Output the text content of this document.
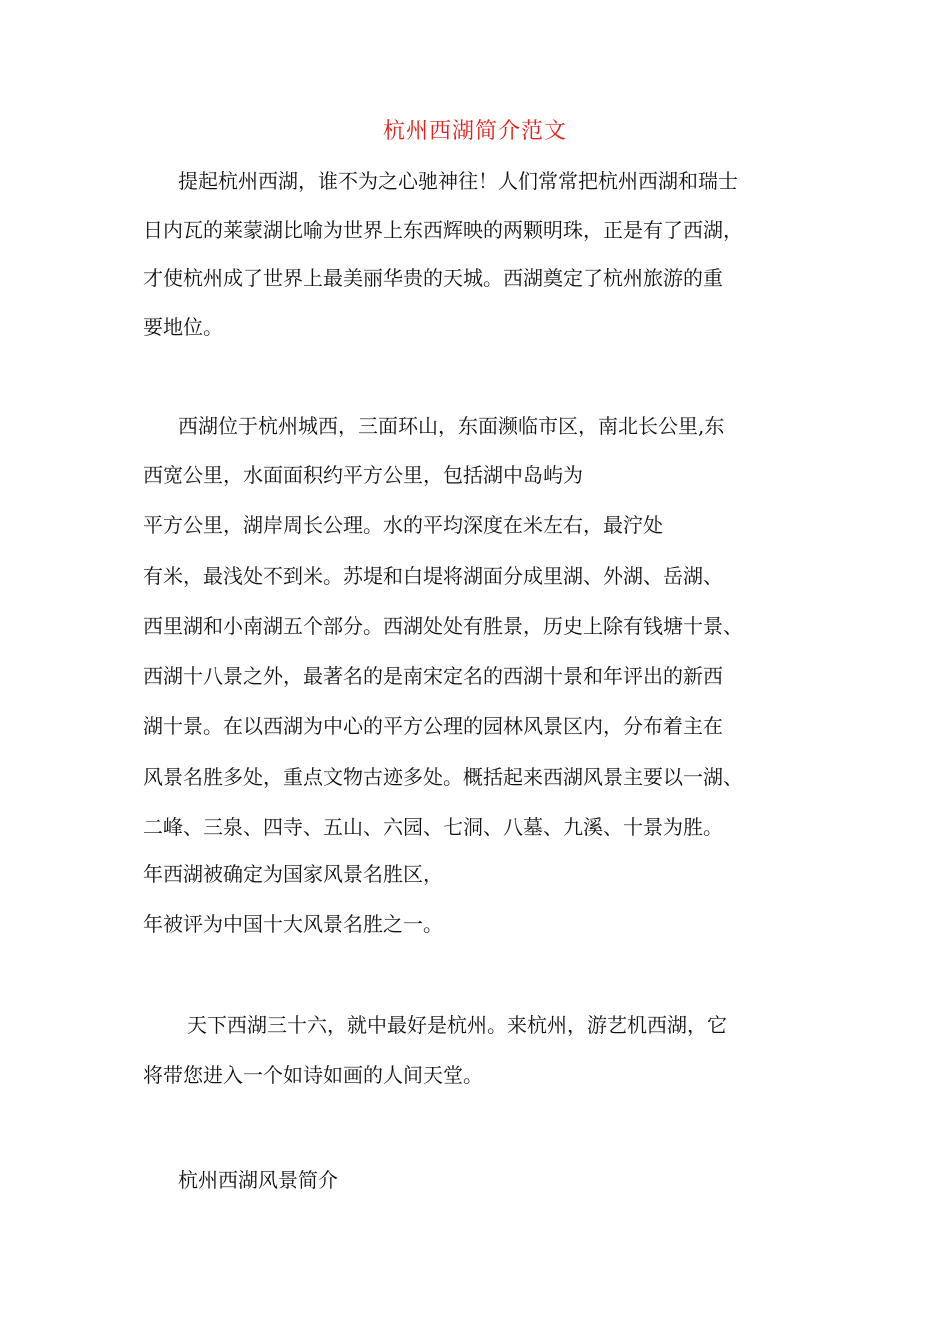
杭州西湖简介范文
提起杭州西湖，谁不为之心驰神往！人们常常把杭州西湖和瑞士
日内瓦的莱蒙湖比喻为世界上东西辉映的两颗明珠，正是有了西湖，
才使杭州成了世界上最美丽华贵的天城。西湖奠定了杭州旅游的重
要地位。
西湖位于杭州城西，三面环山，东面濒临市区，南北长公里,东
西宽公里，水面面积约平方公里，包括湖中岛屿为
平方公里，湖岸周长公理。水的平均深度在米左右，最泞处
有米，最浅处不到米。苏堤和白堤将湖面分成里湖、外湖、岳湖、
西里湖和小南湖五个部分。西湖处处有胜景，历史上除有钱塘十景、
西湖十八景之外，最著名的是南宋定名的西湖十景和年评出的新西
湖十景。在以西湖为中心的平方公理的园林风景区内，分布着主在
风景名胜多处，重点文物古迹多处。概括起来西湖风景主要以一湖、
二峰、三泉、四寺、五山、六园、七洞、八墓、九溪、十景为胜。
年西湖被确定为国家风景名胜区，
年被评为中国十大风景名胜之一。
天下西湖三十六，就中最好是杭州。来杭州，游艺机西湖，它
将带您进入一个如诗如画的人间天堂。
杭州西湖风景简介
